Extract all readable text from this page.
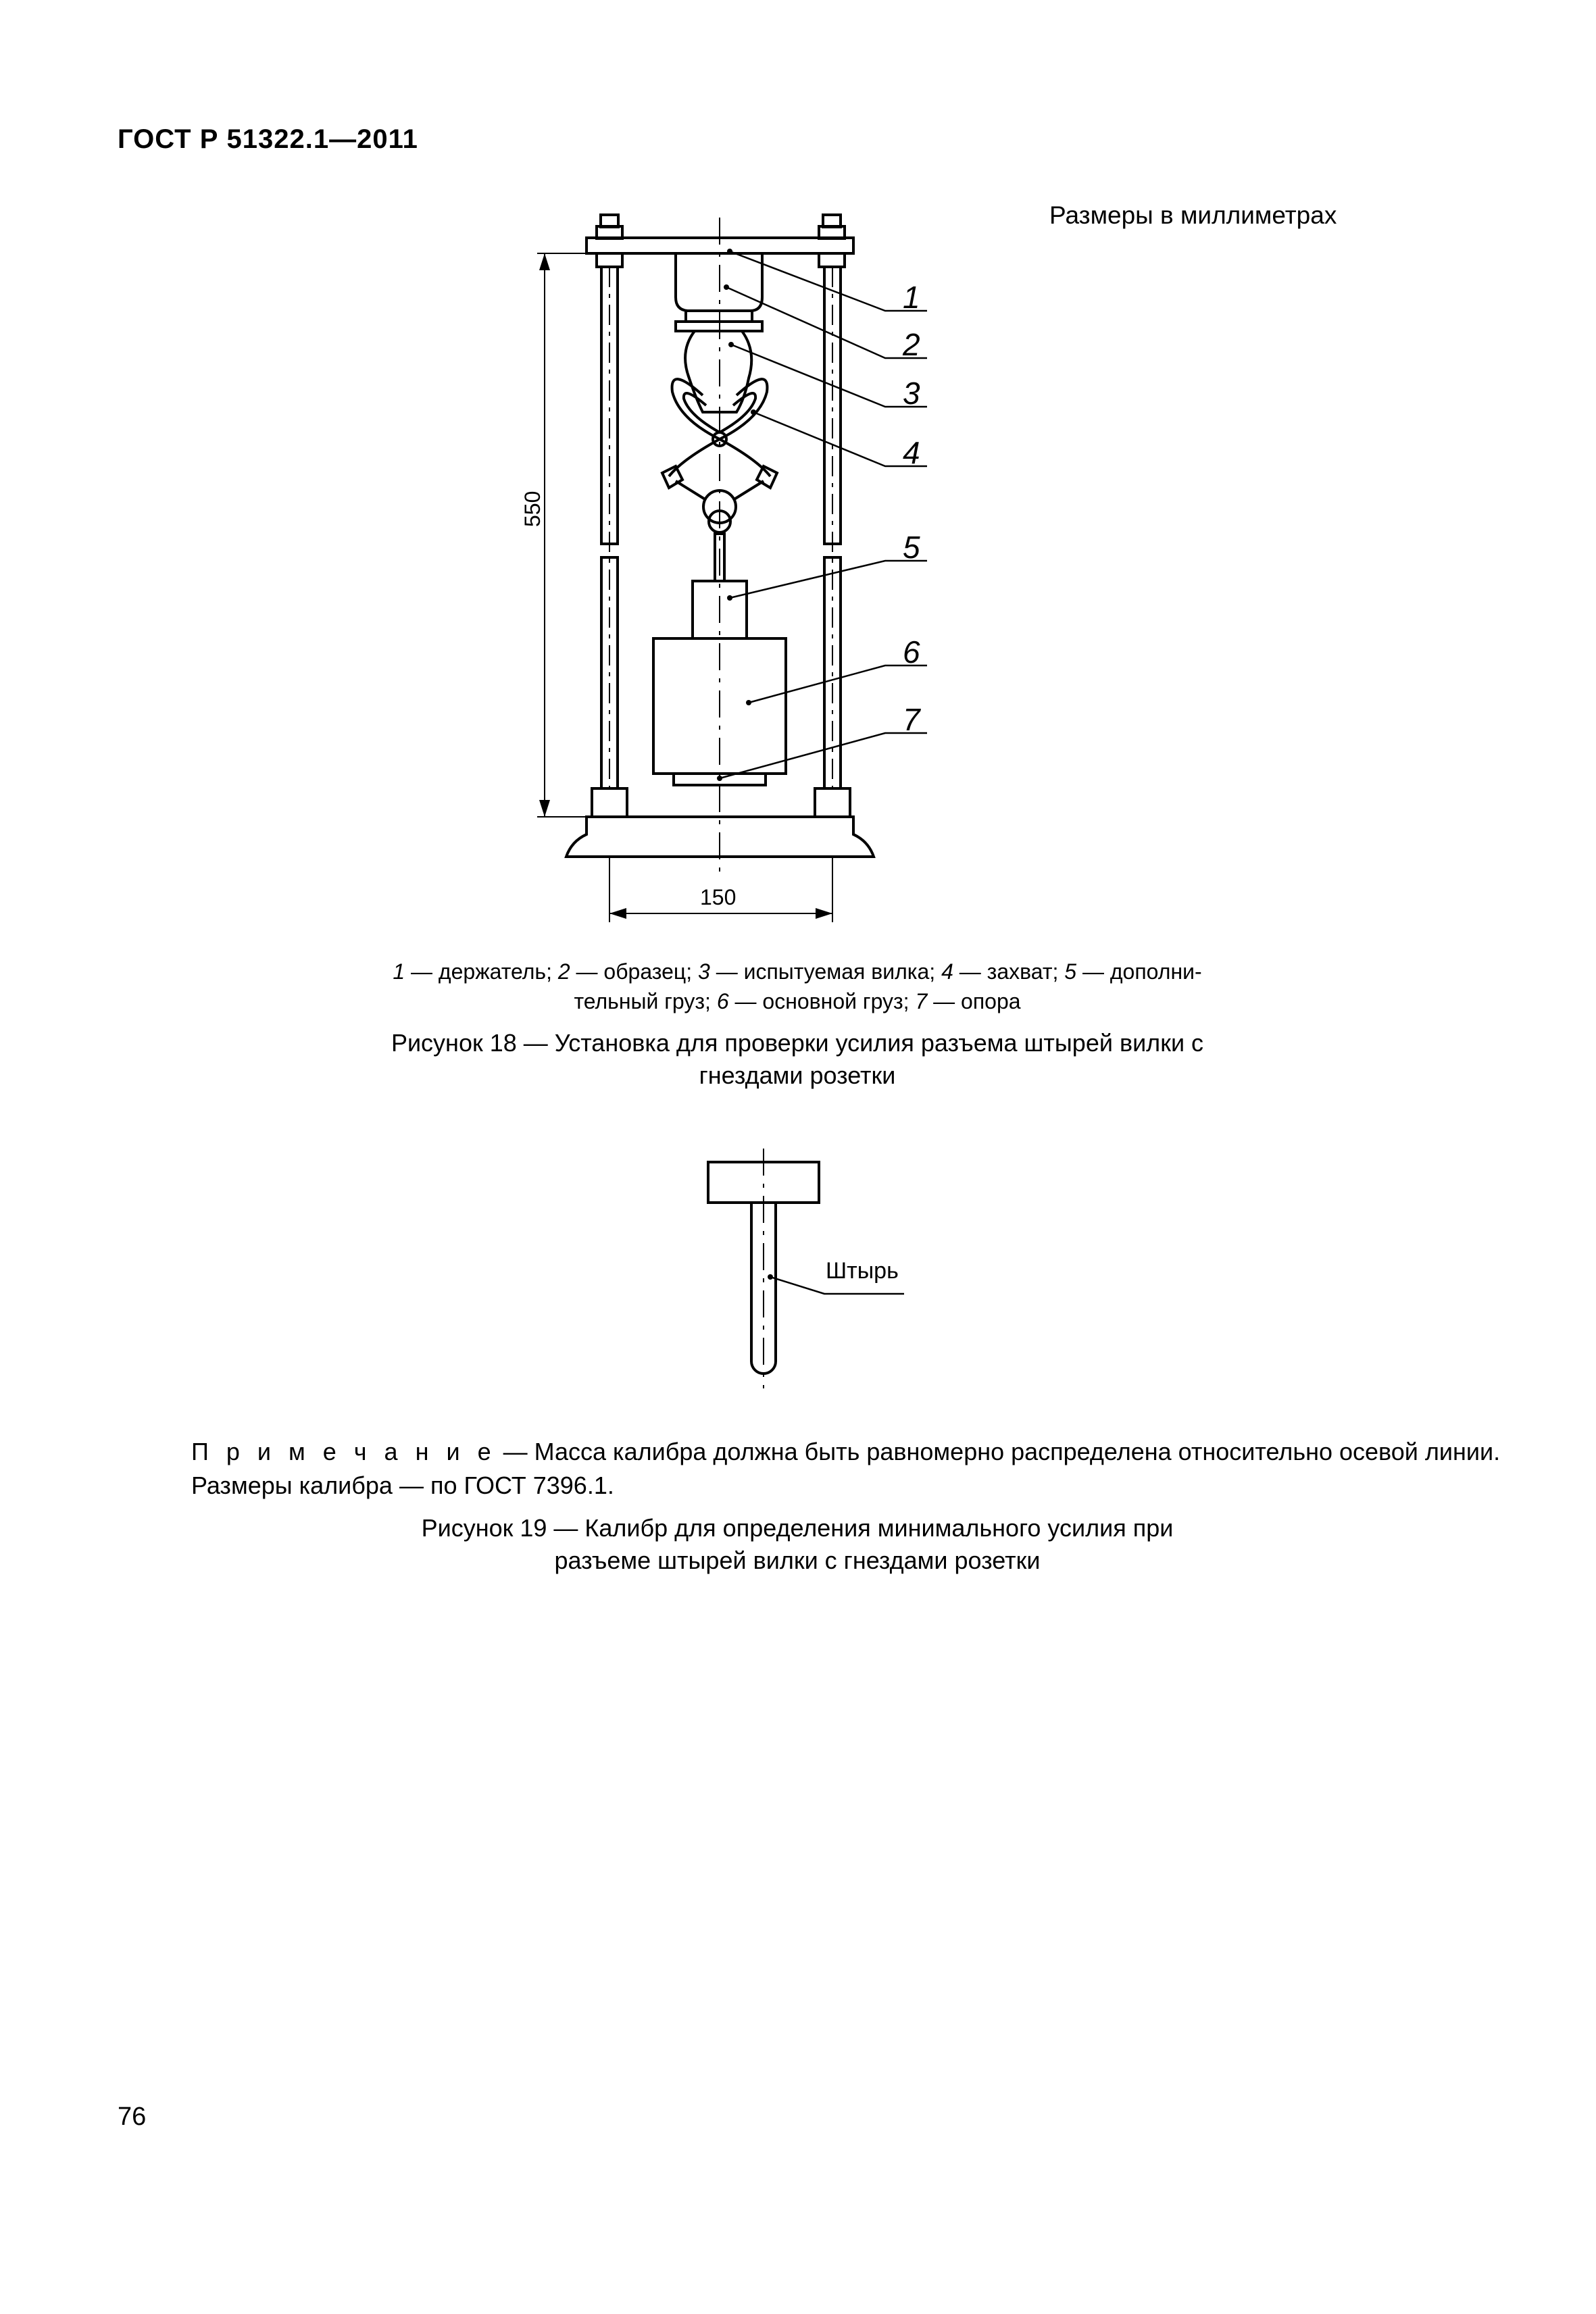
ГОСТ Р 51322.1—2011
Размеры в миллиметрах
550
150
1
2
3
4
5
6
7
1 — держатель; 2 — образец; 3 — испытуемая вилка; 4 — захват; 5 — дополни-
тельный груз; 6 — основной груз; 7 — опора
Рисунок 18 — Установка для проверки усилия разъема штырей вилки с
гнездами розетки
Штырь
П р и м е ч а н и е — Масса калибра должна быть равномерно распределена относительно осевой линии.
Размеры калибра — по ГОСТ 7396.1.
Рисунок 19 — Калибр для определения минимального усилия при
разъеме штырей вилки с гнездами розетки
76
